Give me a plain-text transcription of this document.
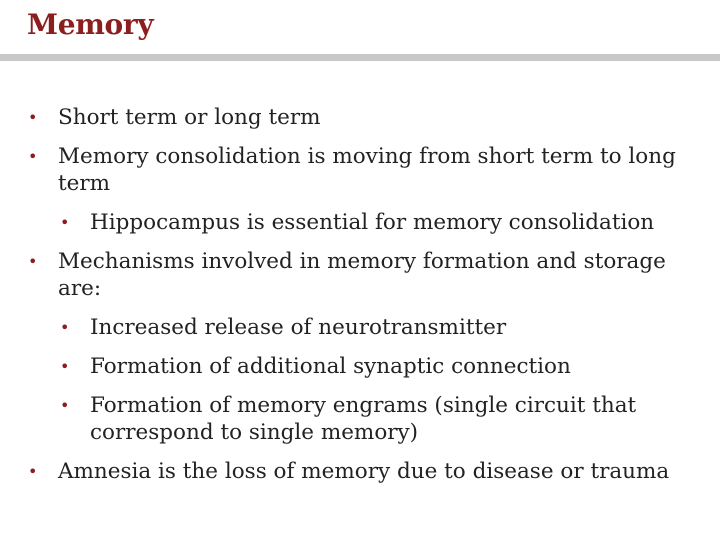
Memory
• Short term or long term
• Memory consolidation is moving from short term to long term
• Hippocampus is essential for memory consolidation
• Mechanisms involved in memory formation and storage are:
• Increased release of neurotransmitter
• Formation of additional synaptic connection
• Formation of memory engrams (single circuit that correspond to single memory)
• Amnesia is the loss of memory due to disease or trauma
